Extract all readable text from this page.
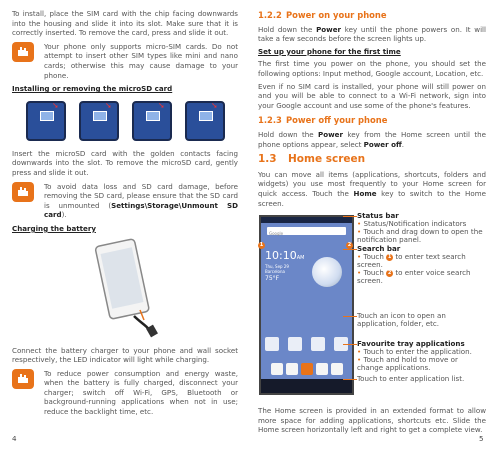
To install, place the SIM card with the chip facing downwards into the housing and slide it into its slot. Make sure that it is correctly inserted. To remove the card, press and slide it out.

Your phone only supports micro-SIM cards. Do not attempt to insert other SIM types like mini and nano cards; otherwise this may cause damage to your phone.
Installing or removing the microSD card
➘	➘	➘	➘

Insert the microSD card with the golden contacts facing downwards into the slot. To remove the microSD card, gently press and slide it out.

To avoid data loss and SD card damage, before removing the SD card, please ensure that the SD card is unmounted (Settings\Storage\Unmount SD card).
Charging the battery

Connect the battery charger to your phone and wall socket respectively, the LED indicator will light while charging.

To reduce power consumption and energy waste, when the battery is fully charged, disconnect your charger; switch off Wi-Fi, GPS, Bluetooth or background-running applications when not in use; reduce the backlight time, etc.
4
1.2.2 Power on your phone

Hold down the Power key until the phone powers on. It will take a few seconds before the screen lights up.

Set up your phone for the first time

The first time you power on the phone, you should set the following options: Input method, Google account, Location, etc.

Even if no SIM card is installed, your phone will still power on and you will be able to connect to a Wi-Fi network, sign into your Google account and use some of the phone's features.

1.2.3 Power off your phone

Hold down the Power key from the Home screen until the phone options appear, select Power off.

1.3 Home screen

You can move all items (applications, shortcuts, folders and widgets) you use most frequently to your Home screen for quick access. Touch the Home key to switch to the Home screen.

Google
10:10AM
Thu, Sep 29
Barcelona
75°F
1	2
Status bar
• Status/Notification indicators
• Touch and drag down to open the notification panel.
Search bar
• Touch 1 to enter text search screen.
• Touch 2 to enter voice search screen.
Touch an icon to open an application, folder, etc.
Favourite tray applications
• Touch to enter the application.
• Touch and hold to move or change applications.
Touch to enter application list.

The Home screen is provided in an extended format to allow more space for adding applications, shortcuts etc. Slide the Home screen horizontally left and right to get a complete view.

5
